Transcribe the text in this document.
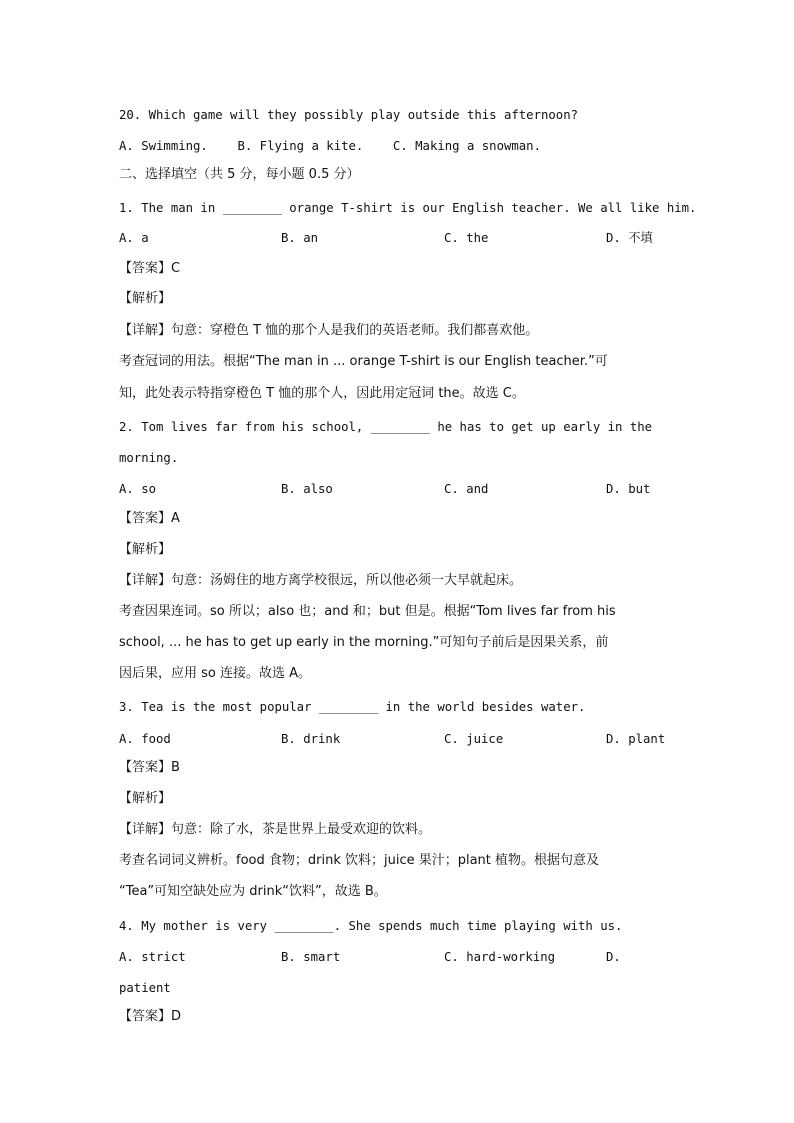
20. Which game will they possibly play outside this afternoon?
A. Swimming.    B. Flying a kite.    C. Making a snowman.
二、选择填空（共 5 分，每小题 0.5 分）
1. The man in ________ orange T-shirt is our English teacher. We all like him.
A. a	B. an	C. the	D. 不填
【答案】C
【解析】
【详解】句意：穿橙色 T 恤的那个人是我们的英语老师。我们都喜欢他。
考查冠词的用法。根据“The man in ... orange T-shirt is our English teacher.”可
知，此处表示特指穿橙色 T 恤的那个人，因此用定冠词 the。故选 C。
2. Tom lives far from his school, ________ he has to get up early in the
morning.
A. so	B. also	C. and	D. but
【答案】A
【解析】
【详解】句意：汤姆住的地方离学校很远，所以他必须一大早就起床。
考查因果连词。so 所以；also 也；and 和；but 但是。根据“Tom lives far from his
school, ... he has to get up early in the morning.”可知句子前后是因果关系，前
因后果，应用 so 连接。故选 A。
3. Tea is the most popular ________ in the world besides water.
A. food	B. drink	C. juice	D. plant
【答案】B
【解析】
【详解】句意：除了水，茶是世界上最受欢迎的饮料。
考查名词词义辨析。food 食物；drink 饮料；juice 果汁；plant 植物。根据句意及
“Tea”可知空缺处应为 drink“饮料”，故选 B。
4. My mother is very ________. She spends much time playing with us.
A. strict	B. smart	C. hard-working	D.
patient
【答案】D
